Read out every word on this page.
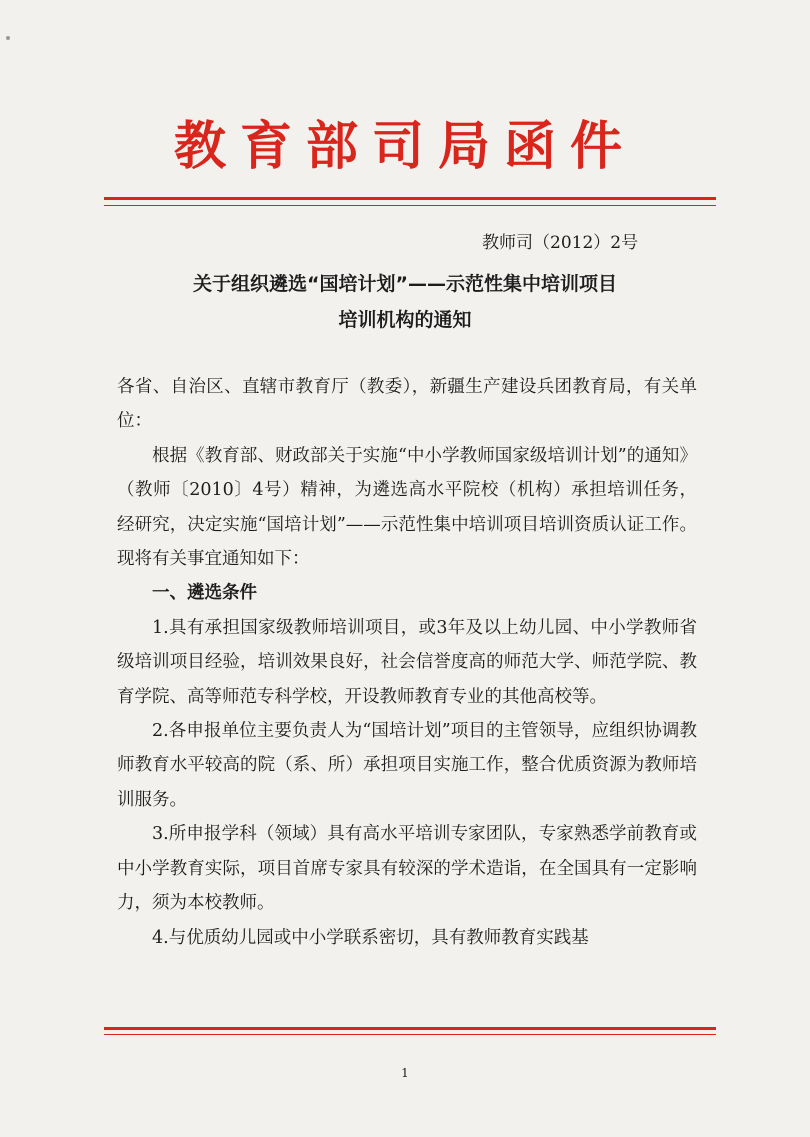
教育部司局函件
教师司（2012）2号
关于组织遴选“国培计划”——示范性集中培训项目
培训机构的通知

各省、自治区、直辖市教育厅（教委），新疆生产建设兵团教育局，有关单位：

根据《教育部、财政部关于实施“中小学教师国家级培训计划”的通知》（教师〔2010〕4号）精神，为遴选高水平院校（机构）承担培训任务，经研究，决定实施“国培计划”——示范性集中培训项目培训资质认证工作。现将有关事宜通知如下：

一、遴选条件

1.具有承担国家级教师培训项目，或3年及以上幼儿园、中小学教师省级培训项目经验，培训效果良好，社会信誉度高的师范大学、师范学院、教育学院、高等师范专科学校，开设教师教育专业的其他高校等。

2.各申报单位主要负责人为“国培计划”项目的主管领导，应组织协调教师教育水平较高的院（系、所）承担项目实施工作，整合优质资源为教师培训服务。

3.所申报学科（领域）具有高水平培训专家团队，专家熟悉学前教育或中小学教育实际，项目首席专家具有较深的学术造诣，在全国具有一定影响力，须为本校教师。

4.与优质幼儿园或中小学联系密切，具有教师教育实践基

1
